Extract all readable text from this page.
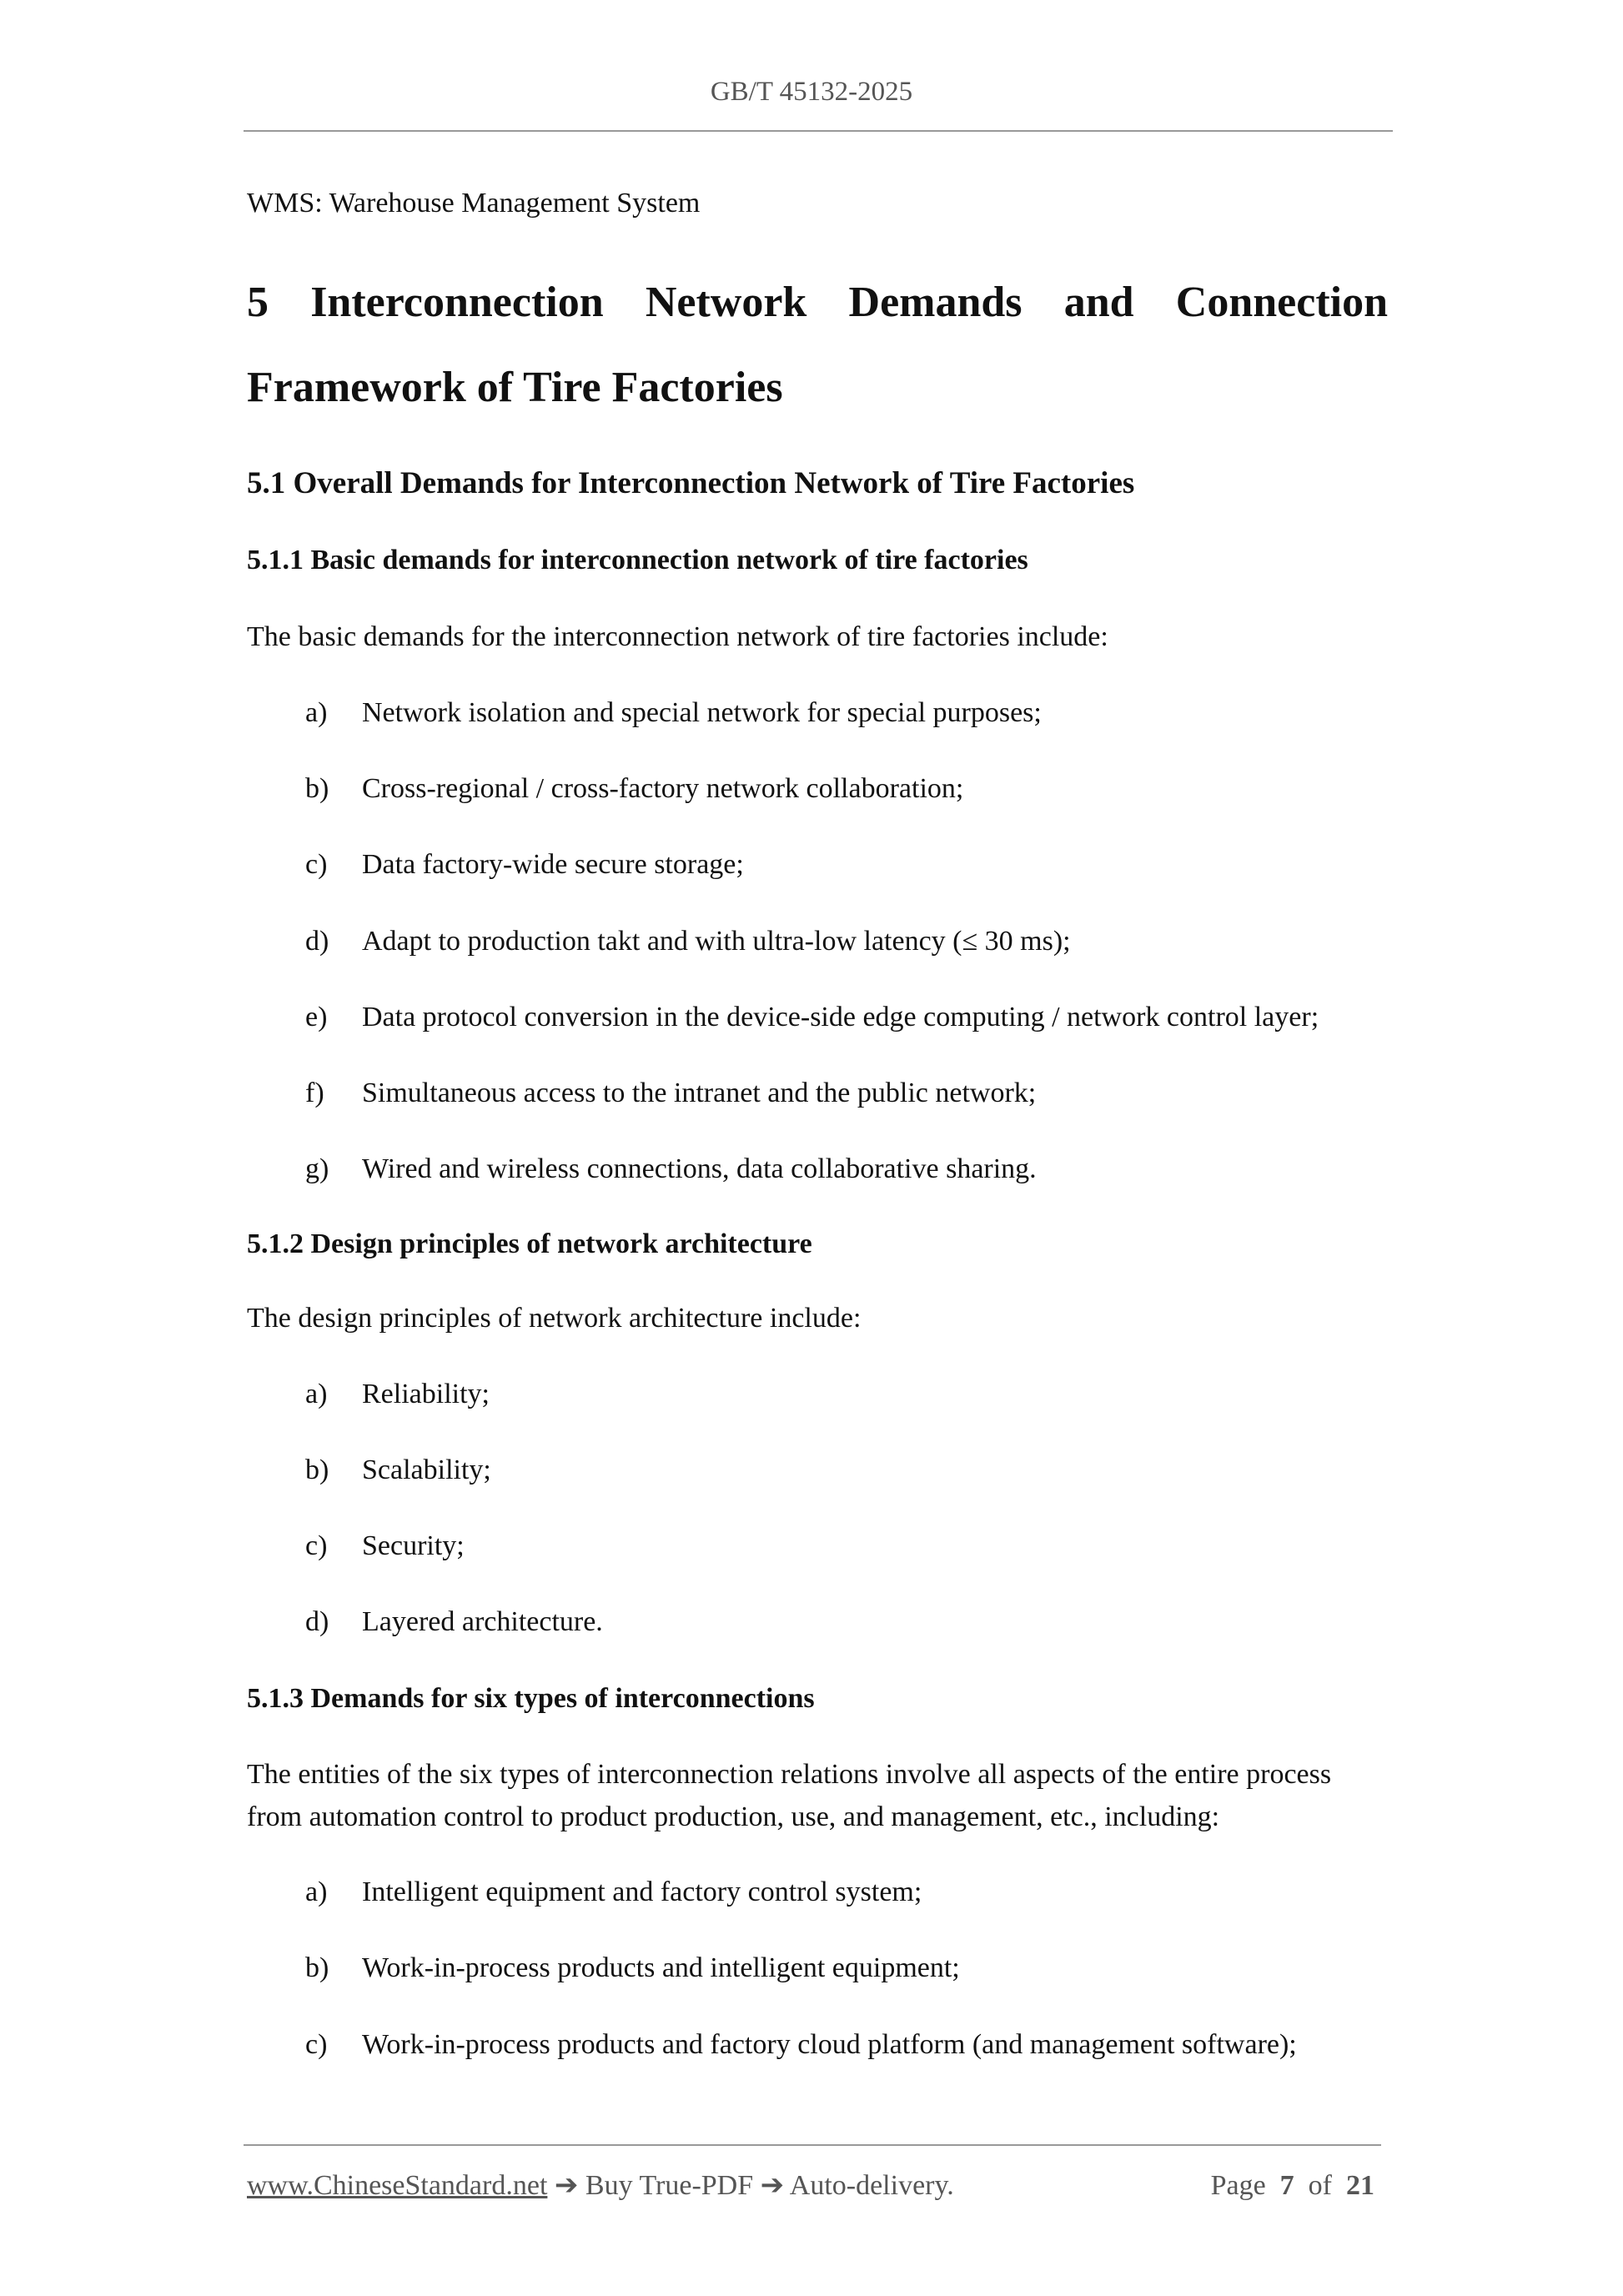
GB/T 45132-2025
WMS: Warehouse Management System
5 Interconnection Network Demands and Connection
Framework of Tire Factories
5.1 Overall Demands for Interconnection Network of Tire Factories
5.1.1 Basic demands for interconnection network of tire factories
The basic demands for the interconnection network of tire factories include:
a) Network isolation and special network for special purposes;
b) Cross-regional / cross-factory network collaboration;
c) Data factory-wide secure storage;
d) Adapt to production takt and with ultra-low latency (≤ 30 ms);
e) Data protocol conversion in the device-side edge computing / network control layer;
f) Simultaneous access to the intranet and the public network;
g) Wired and wireless connections, data collaborative sharing.
5.1.2 Design principles of network architecture
The design principles of network architecture include:
a) Reliability;
b) Scalability;
c) Security;
d) Layered architecture.
5.1.3 Demands for six types of interconnections
The entities of the six types of interconnection relations involve all aspects of the entire process
from automation control to product production, use, and management, etc., including:
a) Intelligent equipment and factory control system;
b) Work-in-process products and intelligent equipment;
c) Work-in-process products and factory cloud platform (and management software);
www.ChineseStandard.net ➔ Buy True-PDF ➔ Auto-delivery.	Page 7 of 21
